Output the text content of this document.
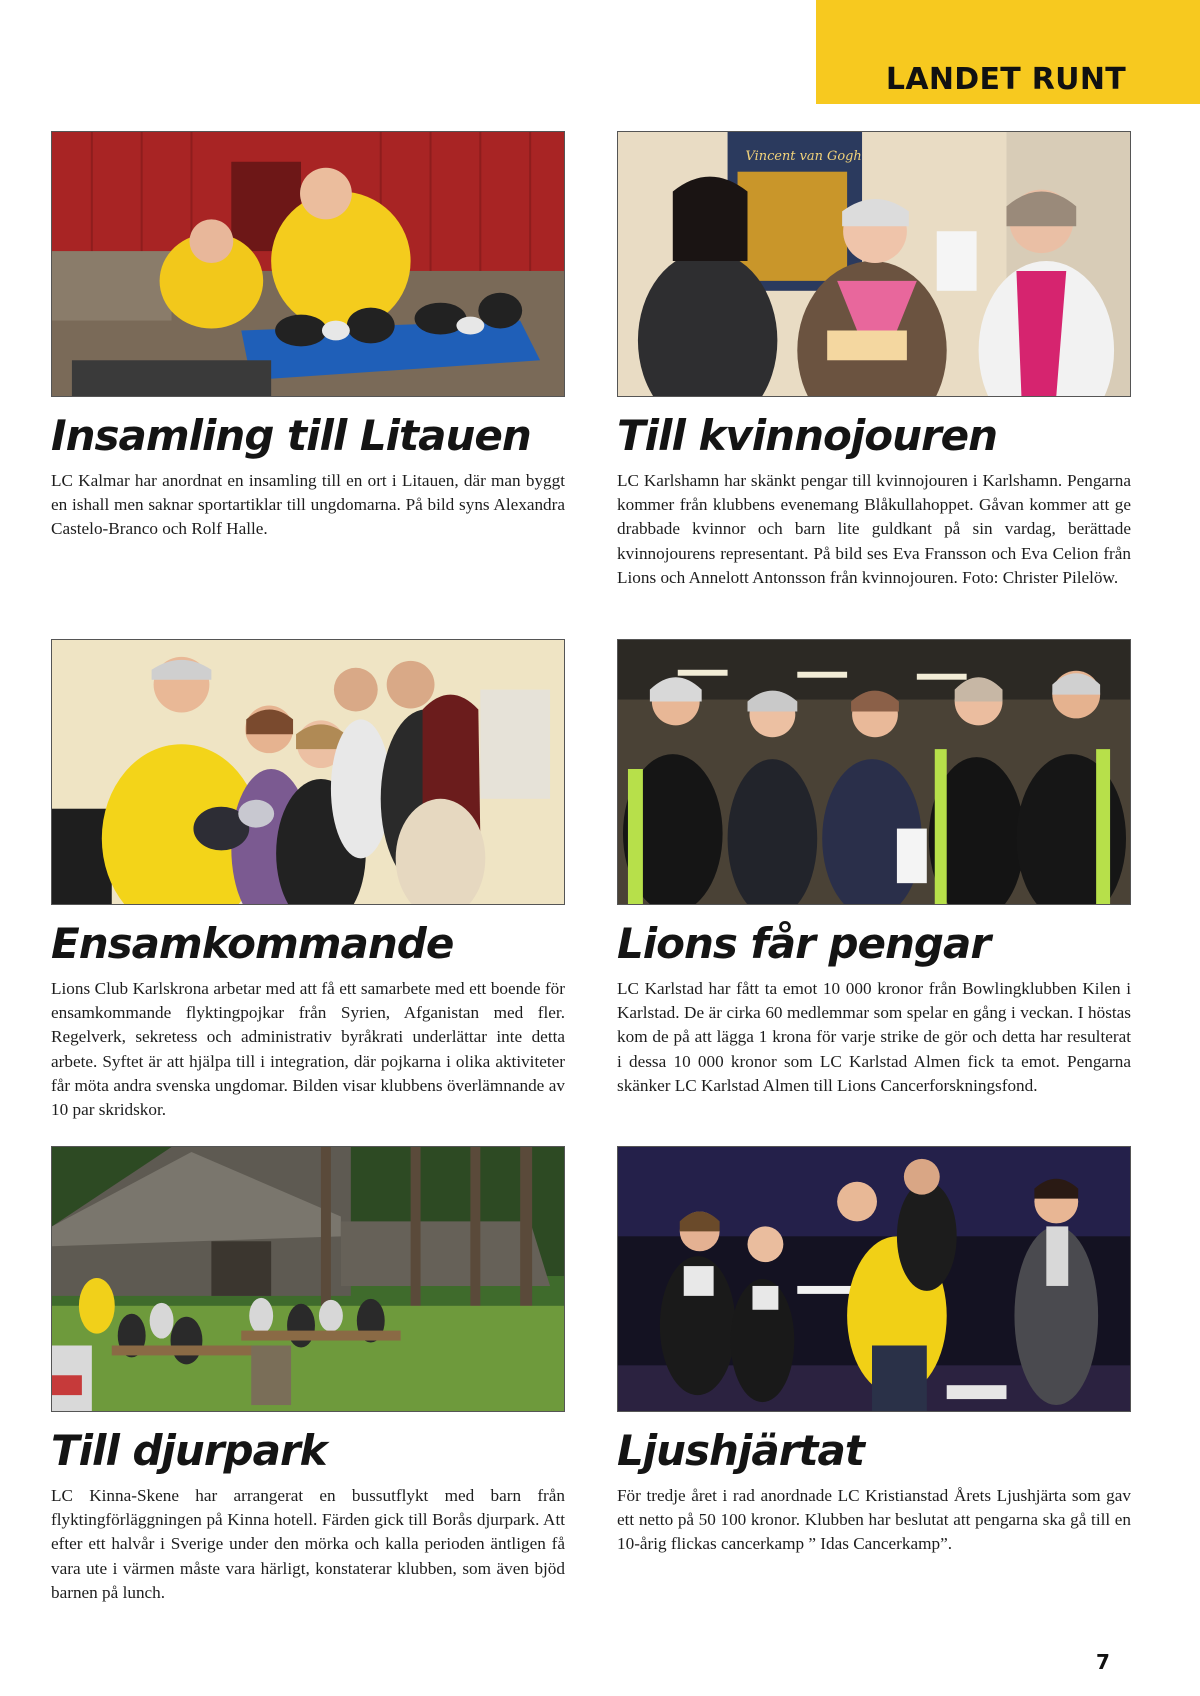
LANDET RUNT
Insamling till Litauen

LC Kalmar har anordnat en insamling till en ort i Litauen, där man byggt en ishall men saknar sportartiklar till ungdomarna. På bild syns Alexandra Castelo-Branco och Rolf Halle.

Vincent van Gogh
Till kvinnojouren

LC Karlshamn har skänkt pengar till kvinnojouren i Karlshamn. Pengarna kommer från klubbens evenemang Blåkullahoppet. Gåvan kommer att ge drabbade kvinnor och barn lite guldkant på sin vardag, berättade kvinnojourens representant. På bild ses Eva Fransson och Eva Celion från Lions och Annelott Antonsson från kvinnojouren. Foto: Christer Pilelöw.

Ensamkommande

Lions Club Karlskrona arbetar med att få ett samarbete med ett boende för ensamkommande flyktingpojkar från Syrien, Afganistan med fler. Regelverk, sekretess och administrativ byråkrati underlättar inte detta arbete. Syftet är att hjälpa till i integration, där pojkarna i olika aktiviteter får möta andra svenska ungdomar. Bilden visar klubbens överlämnande av 10 par skridskor.

Lions får pengar

LC Karlstad har fått ta emot 10 000 kronor från Bowlingklubben Kilen i Karlstad. De är cirka 60 medlemmar som spelar en gång i veckan. I höstas kom de på att lägga 1 krona för varje strike de gör och detta har resulterat i dessa 10 000 kronor som LC Karlstad Almen fick ta emot. Pengarna skänker LC Karlstad Almen till Lions Cancerforskningsfond.

Till djurpark

LC Kinna-Skene har arrangerat en bussutflykt med barn från flyktingförläggningen på Kinna hotell. Färden gick till Borås djurpark. Att efter ett halvår i Sverige under den mörka och kalla perioden äntligen få vara ute i värmen måste vara härligt, konstaterar klubben, som även bjöd barnen på lunch.

Ljushjärtat

För tredje året i rad anordnade LC Kristianstad Årets Ljushjärta som gav ett netto på 50 100 kronor. Klubben har beslutat att pengarna ska gå till en 10-årig flickas cancerkamp ” Idas Cancerkamp”.

7
